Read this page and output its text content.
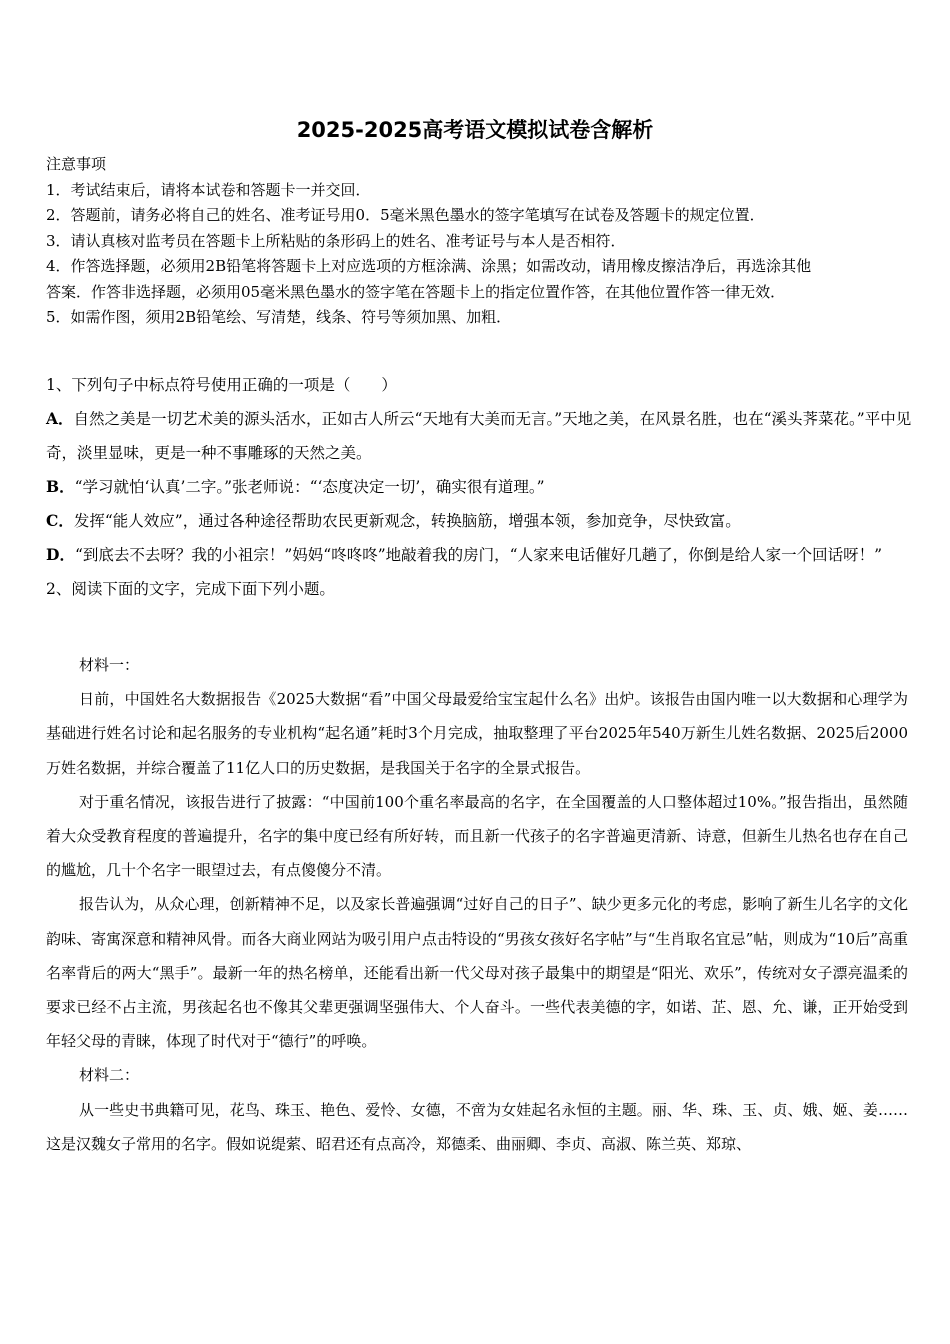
2025-2025高考语文模拟试卷含解析
注意事项
1．考试结束后，请将本试卷和答题卡一并交回．
2．答题前，请务必将自己的姓名、准考证号用0．5毫米黑色墨水的签字笔填写在试卷及答题卡的规定位置．
3．请认真核对监考员在答题卡上所粘贴的条形码上的姓名、准考证号与本人是否相符．
4．作答选择题，必须用2B铅笔将答题卡上对应选项的方框涂满、涂黑；如需改动，请用橡皮擦洁净后，再选涂其他
答案．作答非选择题，必须用05毫米黑色墨水的签字笔在答题卡上的指定位置作答，在其他位置作答一律无效．
5．如需作图，须用2B铅笔绘、写清楚，线条、符号等须加黑、加粗．
1、下列句子中标点符号使用正确的一项是（　　）
A．自然之美是一切艺术美的源头活水，正如古人所云“天地有大美而无言。”天地之美，在风景名胜，也在“溪头荠菜花。”平中见奇，淡里显味，更是一种不事雕琢的天然之美。
B．“学习就怕‘认真’二字。”张老师说：“‘态度决定一切’，确实很有道理。”
C．发挥“能人效应”，通过各种途径帮助农民更新观念，转换脑筋，增强本领，参加竞争，尽快致富。
D．“到底去不去呀？我的小祖宗！”妈妈“咚咚咚”地敲着我的房门，“人家来电话催好几趟了，你倒是给人家一个回话呀！”
2、阅读下面的文字，完成下面下列小题。

材料一：

日前，中国姓名大数据报告《2025大数据“看”中国父母最爱给宝宝起什么名》出炉。该报告由国内唯一以大数据和心理学为基础进行姓名讨论和起名服务的专业机构“起名通”耗时3个月完成，抽取整理了平台2025年540万新生儿姓名数据、2025后2000万姓名数据，并综合覆盖了11亿人口的历史数据，是我国关于名字的全景式报告。

对于重名情况，该报告进行了披露：“中国前100个重名率最高的名字，在全国覆盖的人口整体超过10%。”报告指出，虽然随着大众受教育程度的普遍提升，名字的集中度已经有所好转，而且新一代孩子的名字普遍更清新、诗意，但新生儿热名也存在自己的尴尬，几十个名字一眼望过去，有点傻傻分不清。

报告认为，从众心理，创新精神不足，以及家长普遍强调“过好自己的日子”、缺少更多元化的考虑，影响了新生儿名字的文化韵味、寄寓深意和精神风骨。而各大商业网站为吸引用户点击特设的“男孩女孩好名字帖”与“生肖取名宜忌”帖，则成为“10后”高重名率背后的两大“黑手”。最新一年的热名榜单，还能看出新一代父母对孩子最集中的期望是“阳光、欢乐”，传统对女子漂亮温柔的要求已经不占主流，男孩起名也不像其父辈更强调坚强伟大、个人奋斗。一些代表美德的字，如诺、芷、恩、允、谦，正开始受到年轻父母的青睐，体现了时代对于“德行”的呼唤。

材料二：

从一些史书典籍可见，花鸟、珠玉、艳色、爱怜、女德，不啻为女娃起名永恒的主题。丽、华、珠、玉、贞、娥、姬、姜……这是汉魏女子常用的名字。假如说缇萦、昭君还有点高冷，郑德柔、曲丽卿、李贞、高淑、陈兰英、郑琼、
